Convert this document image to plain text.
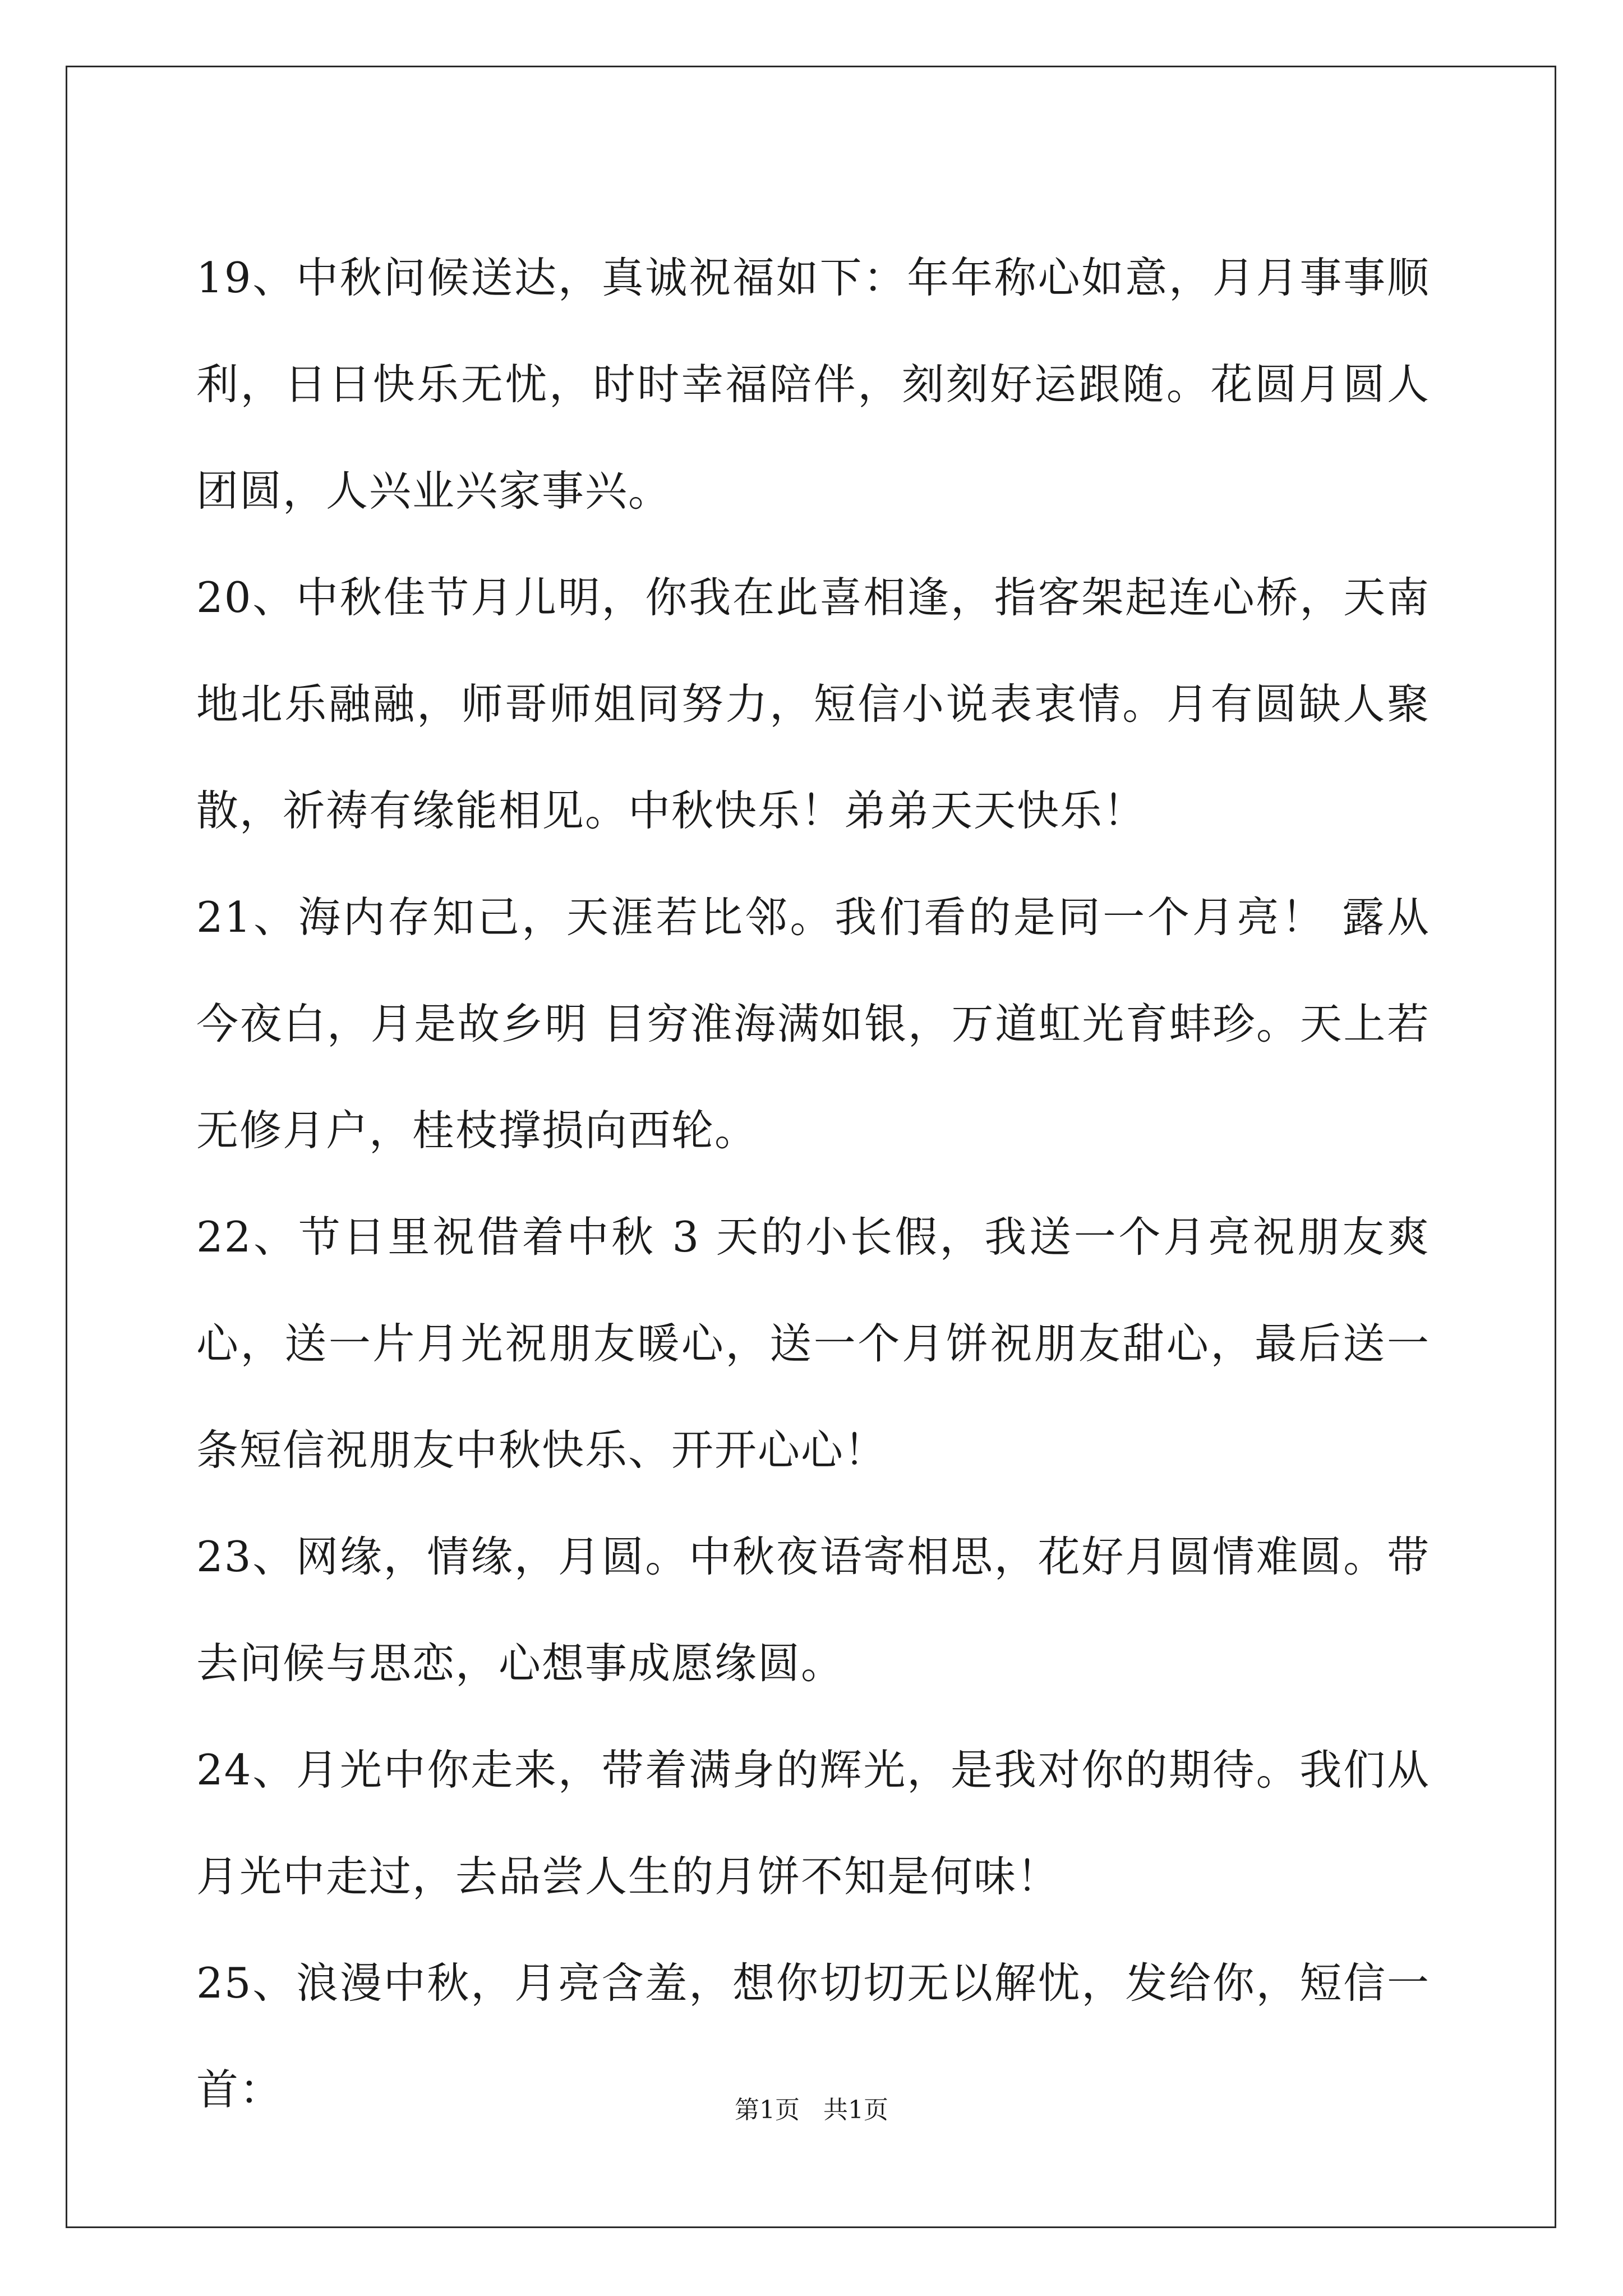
19、中秋问候送达，真诚祝福如下：年年称心如意，月月事事顺利，日日快乐无忧，时时幸福陪伴，刻刻好运跟随。花圆月圆人团圆，人兴业兴家事兴。

20、中秋佳节月儿明，你我在此喜相逢，指客架起连心桥，天南地北乐融融，师哥师姐同努力，短信小说表衷情。月有圆缺人聚散，祈祷有缘能相见。中秋快乐！弟弟天天快乐！

21、海内存知己，天涯若比邻。我们看的是同一个月亮！ 露从今夜白，月是故乡明 目穷淮海满如银，万道虹光育蚌珍。天上若无修月户，桂枝撑损向西轮。

22、节日里祝借着中秋 3 天的小长假，我送一个月亮祝朋友爽心，送一片月光祝朋友暖心，送一个月饼祝朋友甜心，最后送一条短信祝朋友中秋快乐、开开心心！

23、网缘，情缘，月圆。中秋夜语寄相思，花好月圆情难圆。带去问候与思恋，心想事成愿缘圆。

24、月光中你走来，带着满身的辉光，是我对你的期待。我们从月光中走过，去品尝人生的月饼不知是何味！

25、浪漫中秋，月亮含羞，想你切切无以解忧，发给你，短信一首：	第1页   共1页
